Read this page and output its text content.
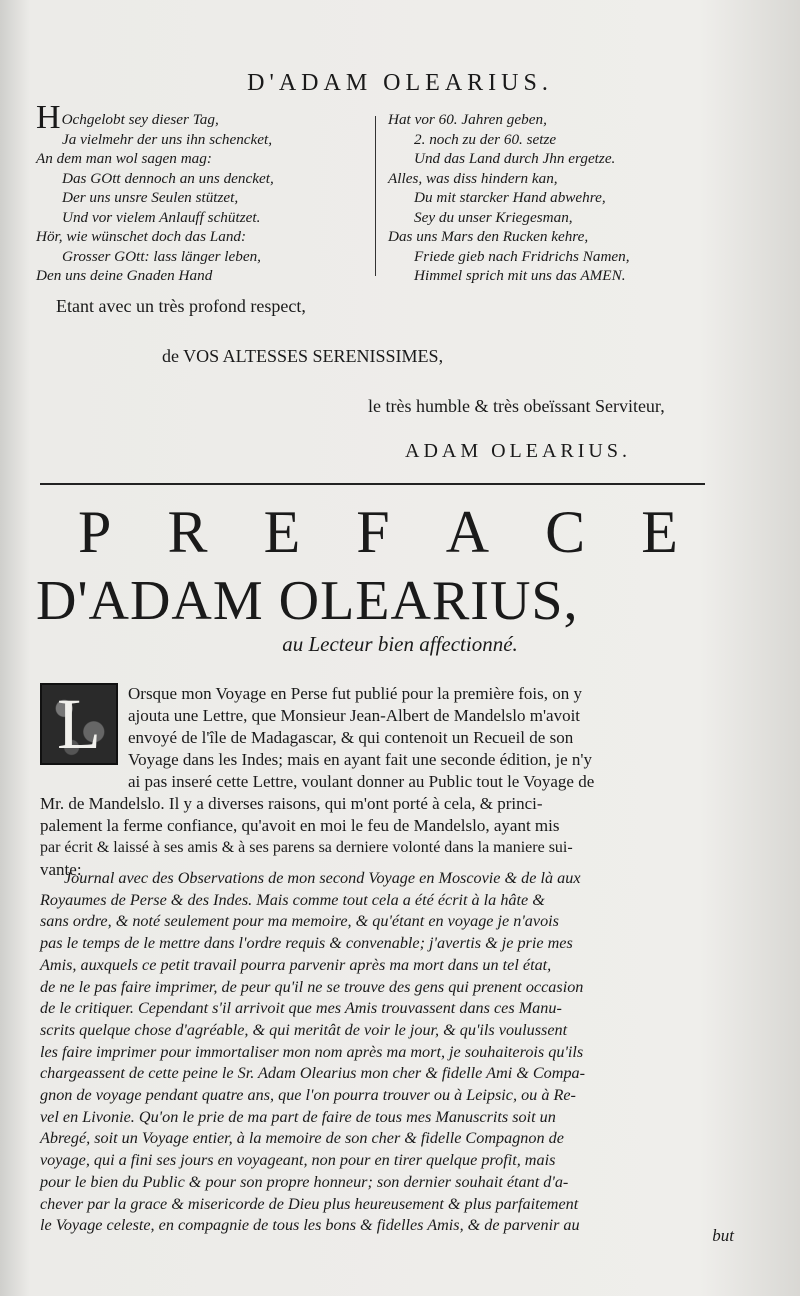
D'ADAM OLEARIUS.
HOchgelobt sey dieser Tag,
Ja vielmehr der uns ihn schencket,
An dem man wol sagen mag:
Das GOtt dennoch an uns dencket,
Der uns unsre Seulen stützet,
Und vor vielem Anlauff schützet.
Hör, wie wünschet doch das Land:
Grosser GOtt: lass länger leben,
Den uns deine Gnaden Hand
Hat vor 60. Jahren geben,
2. noch zu der 60. setze
Und das Land durch Jhn ergetze.
Alles, was diss hindern kan,
Du mit starcker Hand abwehre,
Sey du unser Kriegesman,
Das uns Mars den Rucken kehre,
Friede gieb nach Fridrichs Namen,
Himmel sprich mit uns das AMEN.
Etant avec un très profond respect,
de VOS ALTESSES SERENISSIMES,
le très humble & très obeïssant Serviteur,
ADAM OLEARIUS.
P R E F A C E
D'ADAM OLEARIUS,
au Lecteur bien affectionné.
L	Orsque mon Voyage en Perse fut publié pour la première fois, on y
ajouta une Lettre, que Monsieur Jean-Albert de Mandelslo m'avoit
envoyé de l'île de Madagascar, & qui contenoit un Recueil de son
Voyage dans les Indes; mais en ayant fait une seconde édition, je n'y
ai pas inseré cette Lettre, voulant donner au Public tout le Voyage de
Mr. de Mandelslo. Il y a diverses raisons, qui m'ont porté à cela, & princi-
palement la ferme confiance, qu'avoit en moi le feu de Mandelslo, ayant mis
par écrit & laissé à ses amis & à ses parens sa derniere volonté dans la maniere sui-
vante:
Journal avec des Observations de mon second Voyage en Moscovie & de là aux
Royaumes de Perse & des Indes. Mais comme tout cela a été écrit à la hâte &
sans ordre, & noté seulement pour ma memoire, & qu'étant en voyage je n'avois
pas le temps de le mettre dans l'ordre requis & convenable; j'avertis & je prie mes
Amis, auxquels ce petit travail pourra parvenir après ma mort dans un tel état,
de ne le pas faire imprimer, de peur qu'il ne se trouve des gens qui prenent occasion
de le critiquer. Cependant s'il arrivoit que mes Amis trouvassent dans ces Manu-
scrits quelque chose d'agréable, & qui meritât de voir le jour, & qu'ils voulussent
les faire imprimer pour immortaliser mon nom après ma mort, je souhaiterois qu'ils
chargeassent de cette peine le Sr. Adam Olearius mon cher & fidelle Ami & Compa-
gnon de voyage pendant quatre ans, que l'on pourra trouver ou à Leipsic, ou à Re-
vel en Livonie. Qu'on le prie de ma part de faire de tous mes Manuscrits soit un
Abregé, soit un Voyage entier, à la memoire de son cher & fidelle Compagnon de
voyage, qui a fini ses jours en voyageant, non pour en tirer quelque profit, mais
pour le bien du Public & pour son propre honneur; son dernier souhait étant d'a-
chever par la grace & misericorde de Dieu plus heureusement & plus parfaitement
le Voyage celeste, en compagnie de tous les bons & fidelles Amis, & de parvenir au
but
